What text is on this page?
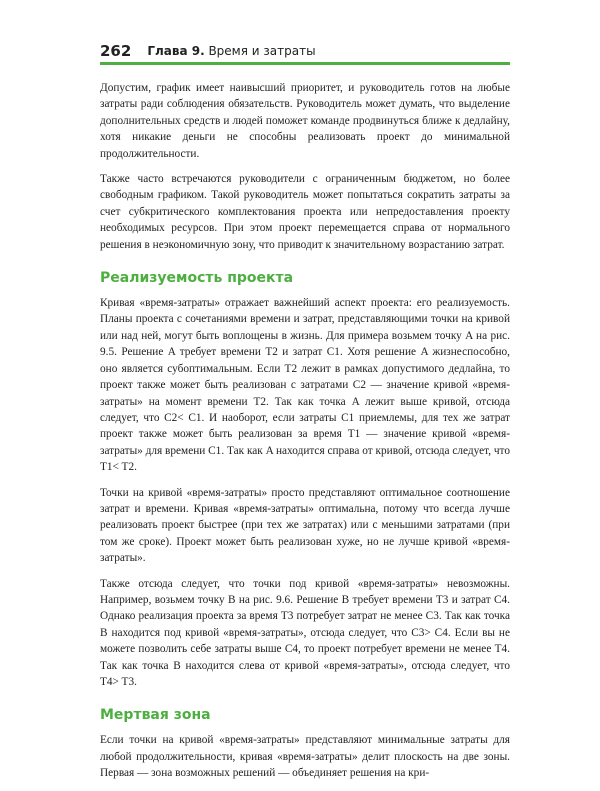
262 Глава 9. Время и затраты

Допустим, график имеет наивысший приоритет, и руководитель готов на любые затраты ради соблюдения обязательств. Руководитель может думать, что выделение дополнительных средств и людей поможет команде продвинуться ближе к дедлайну, хотя никакие деньги не способны реализовать проект до минимальной продолжительности.

Также часто встречаются руководители с ограниченным бюджетом, но более свободным графиком. Такой руководитель может попытаться сократить затраты за счет субкритического комплектования проекта или непредоставления проекту необходимых ресурсов. При этом проект перемещается справа от нормального решения в неэкономичную зону, что приводит к значительному возрастанию затрат.

Реализуемость проекта

Кривая «время-затраты» отражает важнейший аспект проекта: его реализуемость. Планы проекта с сочетаниями времени и затрат, представляющими точки на кривой или над ней, могут быть воплощены в жизнь. Для примера возьмем точку A на рис. 9.5. Решение A требует времени T2 и затрат C1. Хотя решение A жизнеспособно, оно является субоптимальным. Если T2 лежит в рамках допустимого дедлайна, то проект также может быть реализован с затратами C2 — значение кривой «время-затраты» на момент времени T2. Так как точка A лежит выше кривой, отсюда следует, что C2< C1. И наоборот, если затраты C1 приемлемы, для тех же затрат проект также может быть реализован за время T1 — значение кривой «время-затраты» для времени C1. Так как A находится справа от кривой, отсюда следует, что T1< T2.

Точки на кривой «время-затраты» просто представляют оптимальное соотношение затрат и времени. Кривая «время-затраты» оптимальна, потому что всегда лучше реализовать проект быстрее (при тех же затратах) или с меньшими затратами (при том же сроке). Проект может быть реализован хуже, но не лучше кривой «время-затраты».

Также отсюда следует, что точки под кривой «время-затраты» невозможны. Например, возьмем точку B на рис. 9.6. Решение B требует времени T3 и затрат C4. Однако реализация проекта за время T3 потребует затрат не менее C3. Так как точка B находится под кривой «время-затраты», отсюда следует, что C3> C4. Если вы не можете позволить себе затраты выше C4, то проект потребует времени не менее T4. Так как точка B находится слева от кривой «время-затраты», отсюда следует, что T4> T3.

Мертвая зона

Если точки на кривой «время-затраты» представляют минимальные затраты для любой продолжительности, кривая «время-затраты» делит плоскость на две зоны. Первая — зона возможных решений — объединяет решения на кри-
